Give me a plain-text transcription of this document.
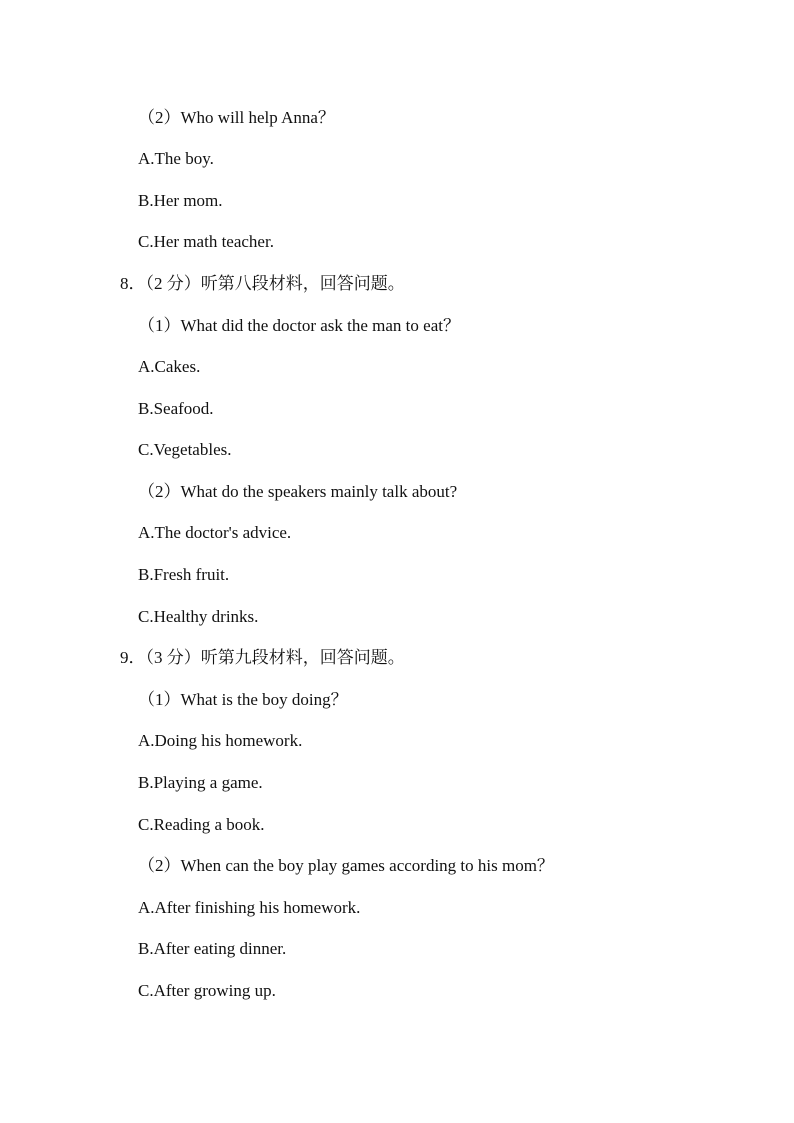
（2）Who will help Anna？
A.The boy.
B.Her mom.
C.Her math teacher.
8．（2 分）听第八段材料，回答问题。
（1）What did the doctor ask the man to eat？
A.Cakes.
B.Seafood.
C.Vegetables.
（2）What do the speakers mainly talk about?
A.The doctor's advice.
B.Fresh fruit.
C.Healthy drinks.
9．（3 分）听第九段材料，回答问题。
（1）What is the boy doing？
A.Doing his homework.
B.Playing a game.
C.Reading a book.
（2）When can the boy play games according to his mom？
A.After finishing his homework.
B.After eating dinner.
C.After growing up.
